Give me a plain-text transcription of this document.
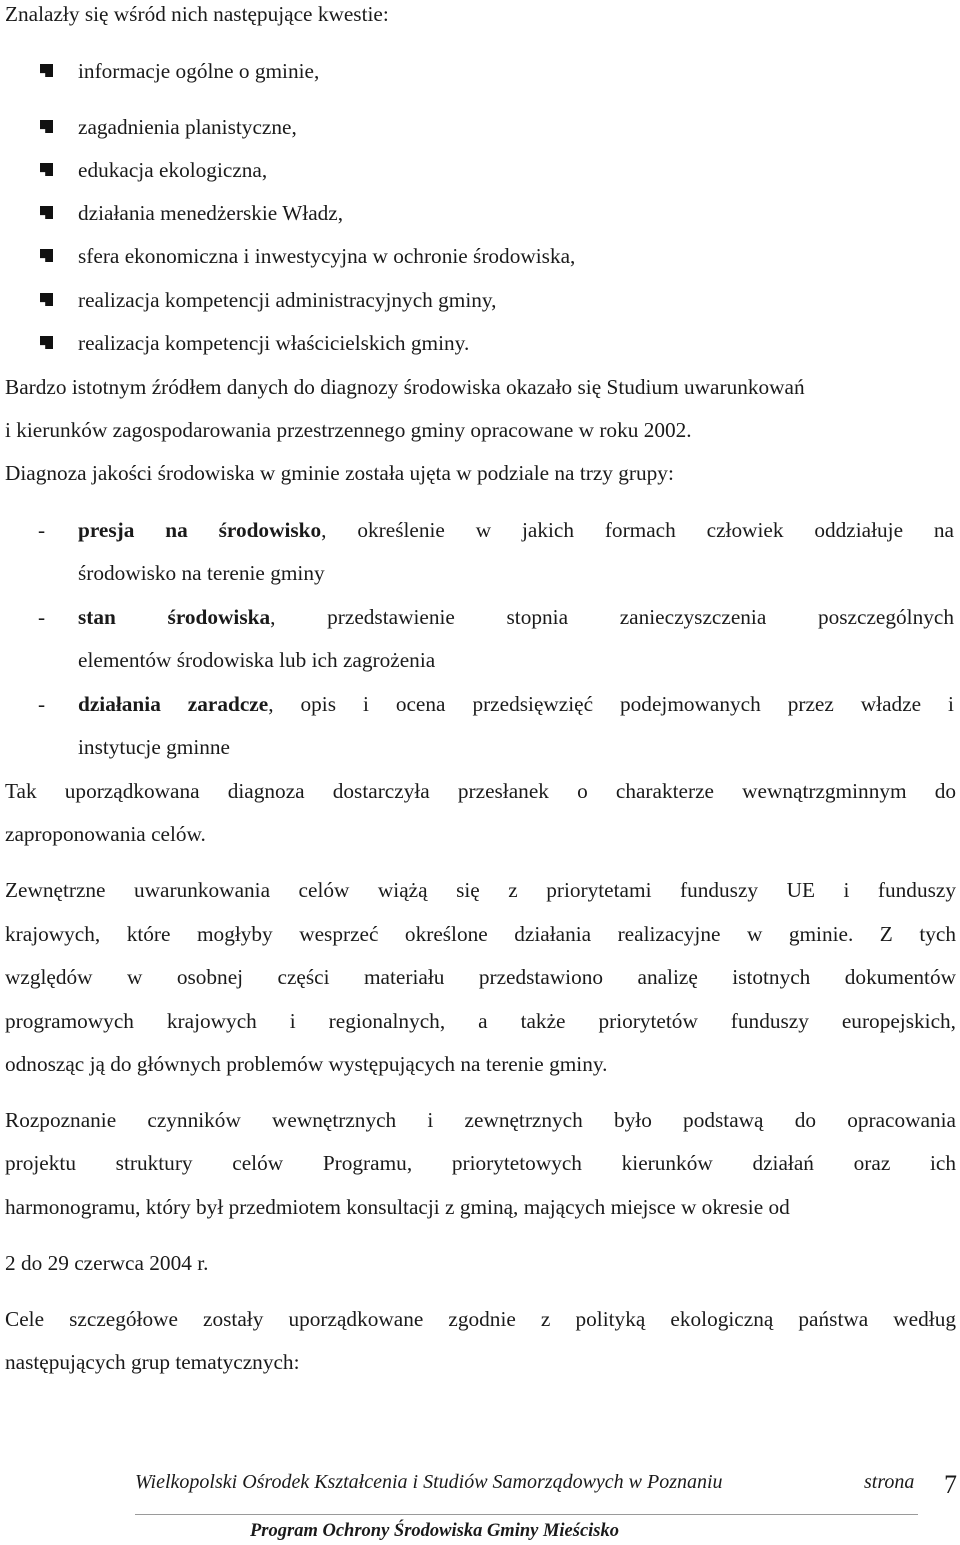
Znalazły się wśród nich następujące kwestie:
informacje ogólne o gminie,
zagadnienia planistyczne,
edukacja ekologiczna,
działania menedżerskie Władz,
sfera ekonomiczna i inwestycyjna w ochronie środowiska,
realizacja kompetencji administracyjnych gminy,
realizacja kompetencji właścicielskich gminy.
Bardzo istotnym źródłem danych do diagnozy środowiska okazało się Studium uwarunkowań
i kierunków zagospodarowania przestrzennego gminy opracowane w roku 2002.
Diagnoza jakości środowiska w gminie została ujęta w podziale na trzy grupy:
- presja na środowisko, określenie w jakich formach człowiek oddziałuje na
środowisko na terenie gminy
- stan środowiska, przedstawienie stopnia zanieczyszczenia poszczególnych
elementów środowiska lub ich zagrożenia
- działania zaradcze, opis i ocena przedsięwzięć podejmowanych przez władze i
instytucje gminne
Tak uporządkowana diagnoza dostarczyła przesłanek o charakterze wewnątrzgminnym do
zaproponowania celów.
Zewnętrzne uwarunkowania celów wiążą się z priorytetami funduszy UE i funduszy
krajowych, które mogłyby wesprzeć określone działania realizacyjne w gminie. Z tych
względów w osobnej części materiału przedstawiono analizę istotnych dokumentów
programowych krajowych i regionalnych, a także priorytetów funduszy europejskich,
odnosząc ją do głównych problemów występujących na terenie gminy.
Rozpoznanie czynników wewnętrznych i zewnętrznych było podstawą do opracowania
projektu struktury celów Programu, priorytetowych kierunków działań oraz ich
harmonogramu, który był przedmiotem konsultacji z gminą, mających miejsce w okresie od
2 do 29 czerwca 2004 r.
Cele szczegółowe zostały uporządkowane zgodnie z polityką ekologiczną państwa według
następujących grup tematycznych:
Wielkopolski Ośrodek Kształcenia i Studiów Samorządowych w Poznaniu	strona 7
Program Ochrony Środowiska Gminy Mieścisko
